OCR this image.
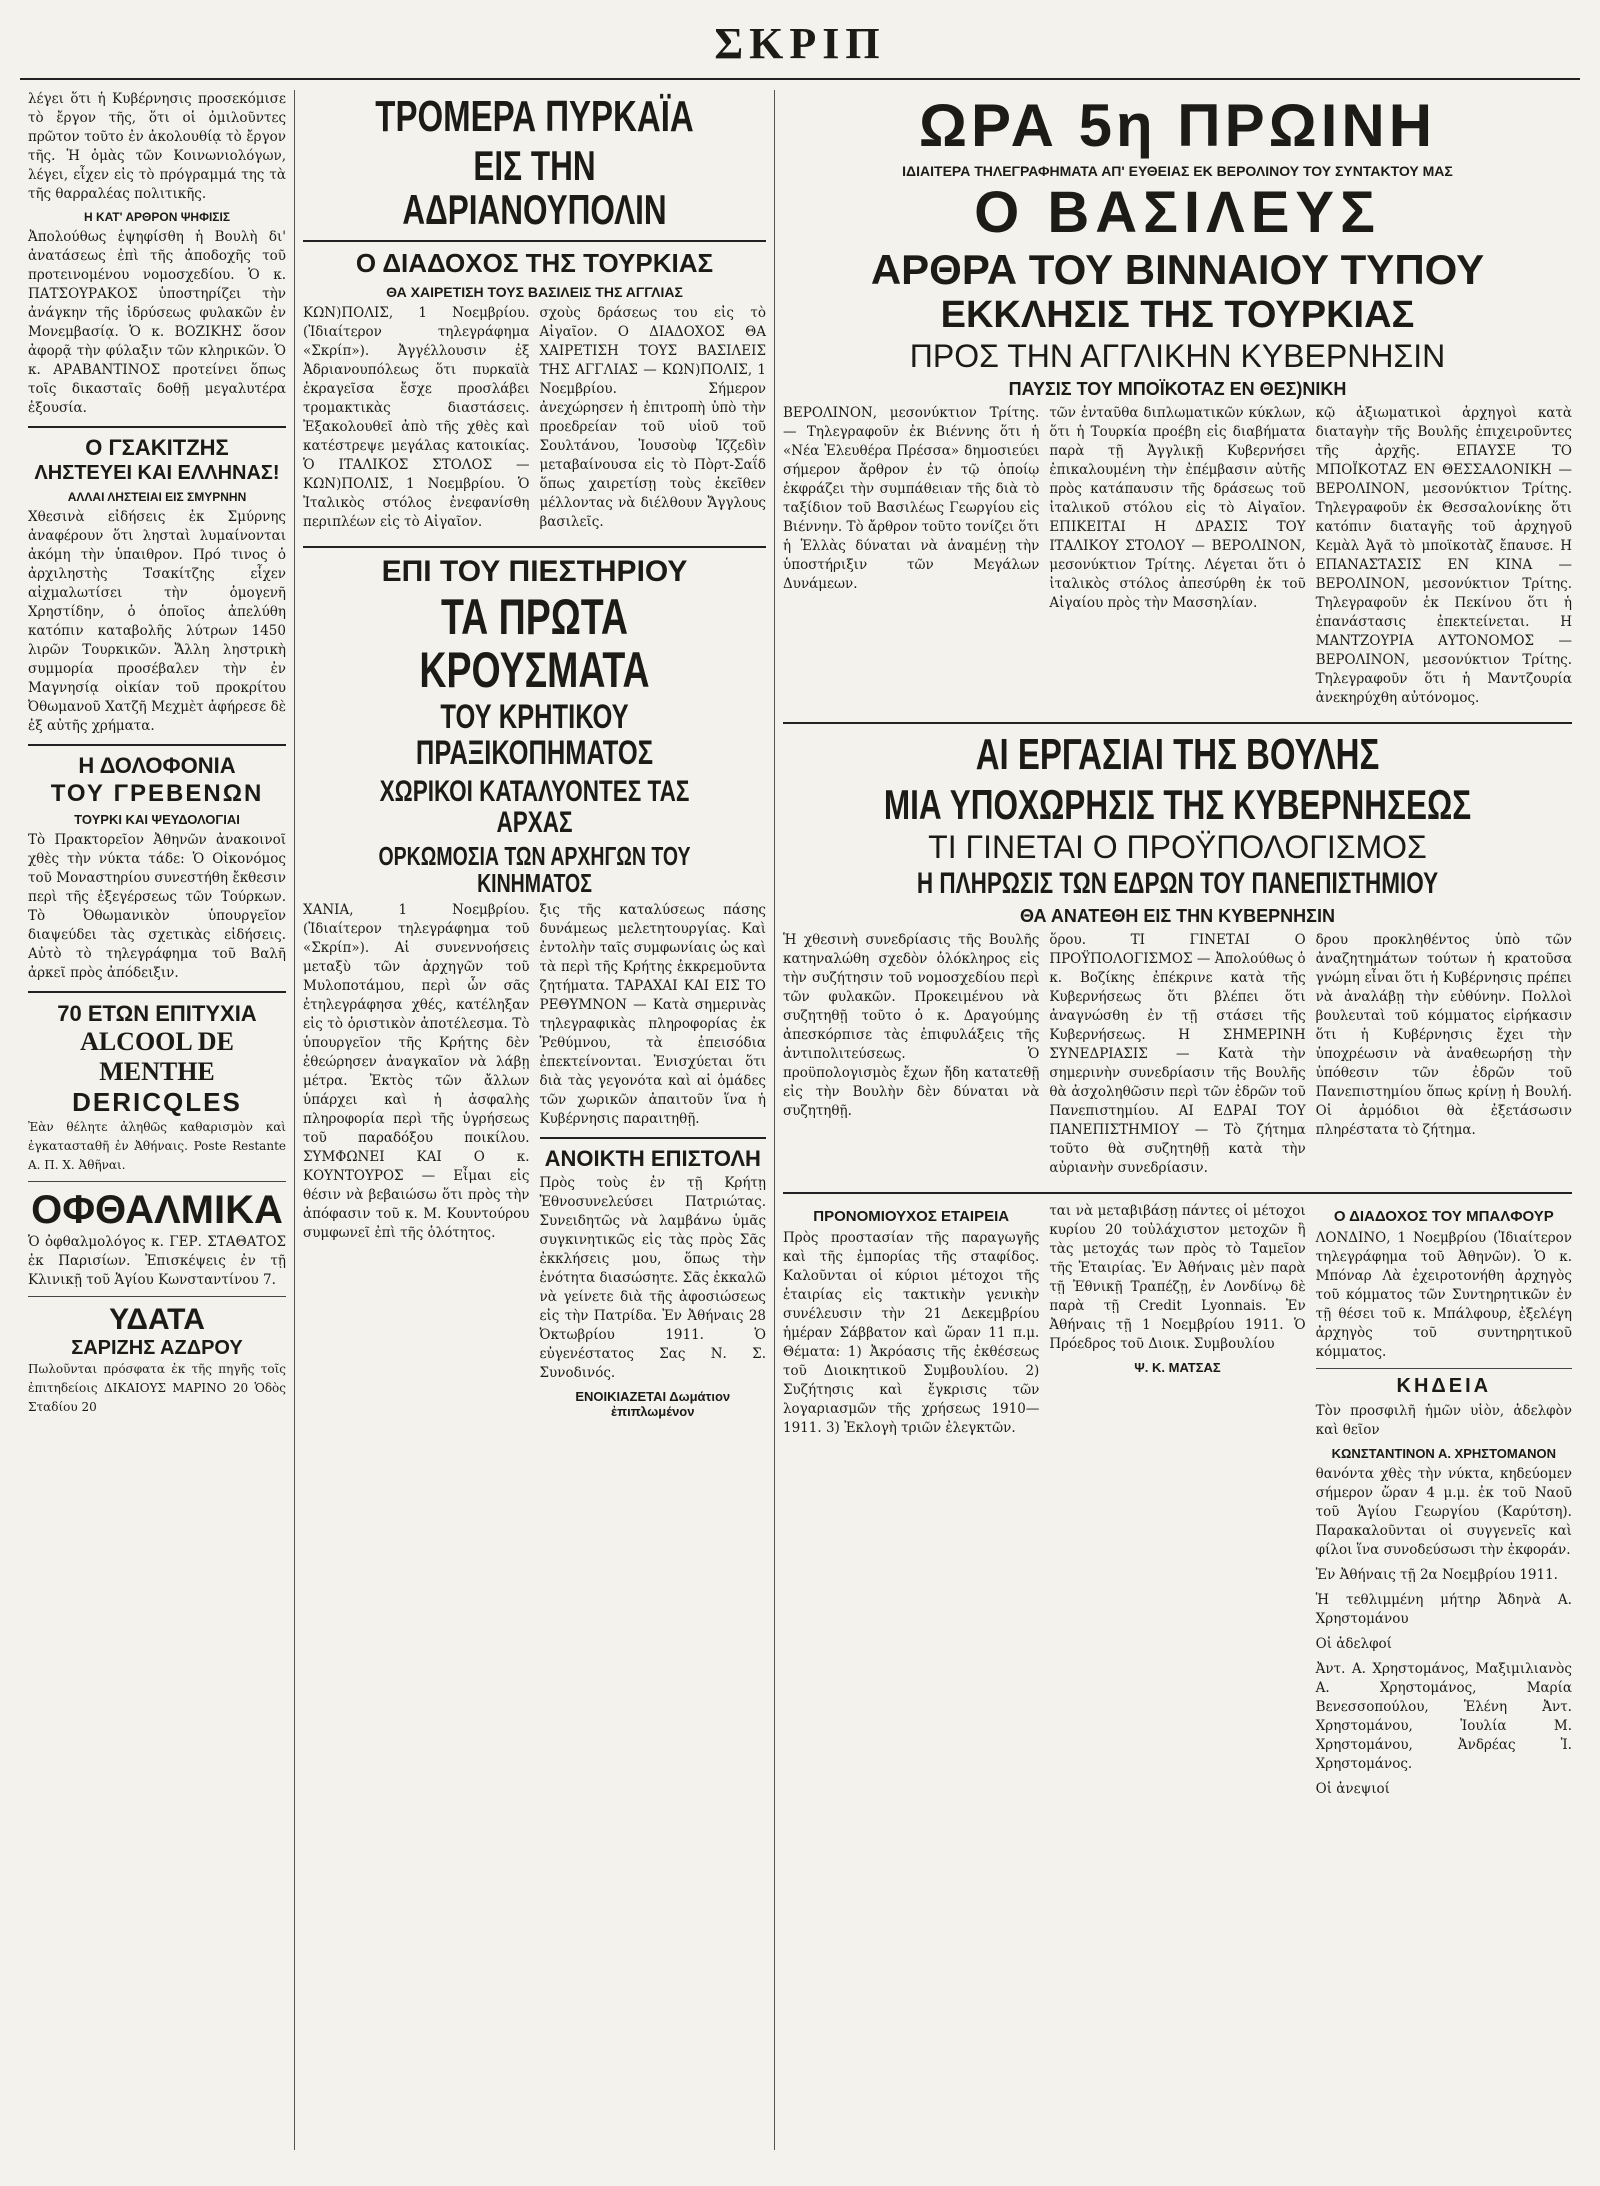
ΣΚΡΙΠ

λέγει ὅτι ἡ Κυβέρνησις προσεκόμισε τὸ ἔργον τῆς, ὅτι οἱ ὁμιλοῦντες πρῶτον τοῦτο ἐν ἀκολουθίᾳ τὸ ἔργον τῆς. Ἡ ὁμὰς τῶν Κοινωνιολόγων, λέγει, εἶχεν εἰς τὸ πρόγραμμά της τὰ τῆς θαρραλέας πολιτικῆς.

Η ΚΑΤ' ΑΡΘΡΟΝ ΨΗΦΙΣΙΣ

Ἀπολούθως ἐψηφίσθη ἡ Βουλὴ δι' ἀνατάσεως ἐπὶ τῆς ἀποδοχῆς τοῦ προτεινομένου νομοσχεδίου. Ὁ κ. ΠΑΤΣΟΥΡΑΚΟΣ ὑποστηρίζει τὴν ἀνάγκην τῆς ἱδρύσεως φυλακῶν ἐν Μονεμβασίᾳ. Ὁ κ. ΒΟΖΙΚΗΣ ὅσον ἀφορᾷ τὴν φύλαξιν τῶν κληρικῶν. Ὁ κ. ΑΡΑΒΑΝΤΙΝΟΣ προτείνει ὅπως τοῖς δικασταῖς δοθῇ μεγαλυτέρα ἐξουσία.

Ο ΓΣΑΚΙΤΖΗΣ
ΛΗΣΤΕΥΕΙ ΚΑΙ ΕΛΛΗΝΑΣ!
ΑΛΛΑΙ ΛΗΣΤΕΙΑΙ ΕΙΣ ΣΜΥΡΝΗΝ

Χθεσινὰ εἰδήσεις ἐκ Σμύρνης ἀναφέρουν ὅτι λησταὶ λυμαίνονται ἀκόμη τὴν ὑπαιθρον. Πρό τινος ὁ ἀρχιληστὴς Τσακίτζης εἶχεν αἰχμαλωτίσει τὴν ὁμογενῆ Χρηστίδην, ὁ ὁποῖος ἀπελύθη κατόπιν καταβολῆς λύτρων 1450 λιρῶν Τουρκικῶν. Ἄλλη ληστρικὴ συμμορία προσέβαλεν τὴν ἐν Μαγνησίᾳ οἰκίαν τοῦ προκρίτου Ὀθωμανοῦ Χατζῆ Μεχμὲτ ἀφήρεσε δὲ ἐξ αὐτῆς χρήματα.

Η ΔΟΛΟΦΟΝΙΑ
ΤΟΥ ΓΡΕΒΕΝΩΝ
ΤΟΥΡΚΙ ΚΑΙ ΨΕΥΔΟΛΟΓΙΑΙ

Τὸ Πρακτορεῖον Ἀθηνῶν ἀνακοινοῖ χθὲς τὴν νύκτα τάδε: Ὁ Οἰκονόμος τοῦ Μοναστηρίου συνεστήθη ἔκθεσιν περὶ τῆς ἐξεγέρσεως τῶν Τούρκων. Τὸ Ὀθωμανικὸν ὑπουργεῖον διαψεύδει τὰς σχετικὰς εἰδήσεις. Αὐτὸ τὸ τηλεγράφημα τοῦ Βαλῆ ἀρκεῖ πρὸς ἀπόδειξιν.

70 ΕΤΩΝ ΕΠΙΤΥΧΙΑ
ALCOOL DE MENTHE
DERICQLES

Ἐὰν θέλητε ἀληθῶς καθαρισμὸν καὶ ἐγκατασταθῆ ἐν Ἀθήναις. Poste Restante A. Π. Χ. Ἀθῆναι.

ΟΦΘΑΛΜΙΚΑ

Ὁ ὀφθαλμολόγος κ. ΓΕΡ. ΣΤΑΘΑΤΟΣ ἐκ Παρισίων. Ἐπισκέψεις ἐν τῇ Κλινικῇ τοῦ Ἁγίου Κωνσταντίνου 7.

ΥΔΑΤΑ
ΣΑΡΙΖΗΣ ΑΖΔΡΟΥ

Πωλοῦνται πρόσφατα ἐκ τῆς πηγῆς τοῖς ἐπιτηδείοις ΔΙΚΑΙΟΥΣ ΜΑΡΙΝΟ 20 Ὁδὸς Σταδίου 20

ΤΡΟΜΕΡΑ ΠΥΡΚΑΪΑ
ΕΙΣ ΤΗΝ ΑΔΡΙΑΝΟΥΠΟΛΙΝ
Ο ΔΙΑΔΟΧΟΣ ΤΗΣ ΤΟΥΡΚΙΑΣ
ΘΑ ΧΑΙΡΕΤΙΣΗ ΤΟΥΣ ΒΑΣΙΛΕΙΣ ΤΗΣ ΑΓΓΛΙΑΣ

ΚΩΝ)ΠΟΛΙΣ, 1 Νοεμβρίου. (Ἰδιαίτερον τηλεγράφημα «Σκρίπ»). Ἀγγέλλουσιν ἐξ Ἀδριανουπόλεως ὅτι πυρκαϊὰ ἐκραγεῖσα ἔσχε προσλάβει τρομακτικὰς διαστάσεις. Ἐξακολουθεῖ ἀπὸ τῆς χθὲς καὶ κατέστρεψε μεγάλας κατοικίας. Ὁ ΙΤΑΛΙΚΟΣ ΣΤΟΛΟΣ — ΚΩΝ)ΠΟΛΙΣ, 1 Νοεμβρίου. Ὁ Ἰταλικὸς στόλος ἐνεφανίσθη περιπλέων εἰς τὸ Αἰγαῖον.

σχοὺς δράσεως του εἰς τὸ Αἰγαῖον. Ο ΔΙΑΔΟΧΟΣ ΘΑ ΧΑΙΡΕΤΙΣΗ ΤΟΥΣ ΒΑΣΙΛΕΙΣ ΤΗΣ ΑΓΓΛΙΑΣ — ΚΩΝ)ΠΟΛΙΣ, 1 Νοεμβρίου. Σήμερον ἀνεχώρησεν ἡ ἐπιτροπὴ ὑπὸ τὴν προεδρείαν τοῦ υἱοῦ τοῦ Σουλτάνου, Ἰουσοὺφ Ἰζζεδὶν μεταβαίνουσα εἰς τὸ Πὸρτ-Σαΐδ ὅπως χαιρετίσῃ τοὺς ἐκεῖθεν μέλλοντας νὰ διέλθουν Ἄγγλους βασιλεῖς.

ΕΠΙ ΤΟΥ ΠΙΕΣΤΗΡΙΟΥ
ΤΑ ΠΡΩΤΑ ΚΡΟΥΣΜΑΤΑ
ΤΟΥ ΚΡΗΤΙΚΟΥ ΠΡΑΞΙΚΟΠΗΜΑΤΟΣ
ΧΩΡΙΚΟΙ ΚΑΤΑΛΥΟΝΤΕΣ ΤΑΣ ΑΡΧΑΣ
ΟΡΚΩΜΟΣΙΑ ΤΩΝ ΑΡΧΗΓΩΝ ΤΟΥ ΚΙΝΗΜΑΤΟΣ

ΧΑΝΙΑ, 1 Νοεμβρίου. (Ἰδιαίτερον τηλεγράφημα τοῦ «Σκρίπ»). Αἱ συνεννοήσεις μεταξὺ τῶν ἀρχηγῶν τοῦ Μυλοποτάμου, περὶ ὧν σᾶς ἐτηλεγράφησα χθές, κατέληξαν εἰς τὸ ὁριστικὸν ἀποτέλεσμα. Τὸ ὑπουργεῖον τῆς Κρήτης δὲν ἐθεώρησεν ἀναγκαῖον νὰ λάβῃ μέτρα. Ἐκτὸς τῶν ἄλλων ὑπάρχει καὶ ἡ ἀσφαλὴς πληροφορία περὶ τῆς ὑγρήσεως τοῦ παραδόξου ποικίλου. ΣΥΜΦΩΝΕΙ ΚΑΙ Ο κ. ΚΟΥΝΤΟΥΡΟΣ — Εἶμαι εἰς θέσιν νὰ βεβαιώσω ὅτι πρὸς τὴν ἀπόφασιν τοῦ κ. Μ. Κουντούρου συμφωνεῖ ἐπὶ τῆς ὁλότητος.

ξις τῆς καταλύσεως πάσης δυνάμεως μελετητουργίας. Καὶ ἐντολὴν ταῖς συμφωνίαις ὡς καὶ τὰ περὶ τῆς Κρήτης ἐκκρεμοῦντα ζητήματα. ΤΑΡΑΧΑΙ ΚΑΙ ΕΙΣ ΤΟ ΡΕΘΥΜΝΟΝ — Κατὰ σημερινὰς τηλεγραφικὰς πληροφορίας ἐκ Ῥεθύμνου, τὰ ἐπεισόδια ἐπεκτείνονται. Ἐνισχύεται ὅτι διὰ τὰς γεγονότα καὶ αἱ ὁμάδες τῶν χωρικῶν ἀπαιτοῦν ἵνα ἡ Κυβέρνησις παραιτηθῇ.

ΑΝΟΙΚΤΗ ΕΠΙΣΤΟΛΗ

Πρὸς τοὺς ἐν τῇ Κρήτῃ Ἐθνοσυνελεύσει Πατριώτας. Συνειδητῶς νὰ λαμβάνω ὑμᾶς συγκινητικῶς εἰς τὰς πρὸς Σᾶς ἐκκλήσεις μου, ὅπως τὴν ἑνότητα διασώσητε. Σᾶς ἐκκαλῶ νὰ γείνετε διὰ τῆς ἀφοσιώσεως εἰς τὴν Πατρίδα. Ἐν Ἀθήναις 28 Ὀκτωβρίου 1911. Ὁ εὐγενέστατος Σας Ν. Σ. Συνοδινός.

ΕΝΟΙΚΙΑΖΕΤΑΙ Δωμάτιον ἐπιπλωμένον
ΩΡΑ 5η ΠΡΩΙΝΗ
ΙΔΙΑΙΤΕΡΑ ΤΗΛΕΓΡΑΦΗΜΑΤΑ ΑΠ' ΕΥΘΕΙΑΣ ΕΚ ΒΕΡΟΛΙΝΟΥ ΤΟΥ ΣΥΝΤΑΚΤΟΥ ΜΑΣ
Ο ΒΑΣΙΛΕΥΣ
ΑΡΘΡΑ ΤΟΥ ΒΙΝΝΑΙΟΥ ΤΥΠΟΥ
ΕΚΚΛΗΣΙΣ ΤΗΣ ΤΟΥΡΚΙΑΣ
ΠΡΟΣ ΤΗΝ ΑΓΓΛΙΚΗΝ ΚΥΒΕΡΝΗΣΙΝ
ΠΑΥΣΙΣ ΤΟΥ ΜΠΟΪΚΟΤΑΖ ΕΝ ΘΕΣ)ΝΙΚΗ

ΒΕΡΟΛΙΝΟΝ, μεσονύκτιον Τρίτης. — Τηλεγραφοῦν ἐκ Βιέννης ὅτι ἡ «Νέα Ἐλευθέρα Πρέσσα» δημοσιεύει σήμερον ἄρθρον ἐν τῷ ὁποίῳ ἐκφράζει τὴν συμπάθειαν τῆς διὰ τὸ ταξίδιον τοῦ Βασιλέως Γεωργίου εἰς Βιέννην. Τὸ ἄρθρον τοῦτο τονίζει ὅτι ἡ Ἑλλὰς δύναται νὰ ἀναμένῃ τὴν ὑποστήριξιν τῶν Μεγάλων Δυνάμεων.

τῶν ἐνταῦθα διπλωματικῶν κύκλων, ὅτι ἡ Τουρκία προέβη εἰς διαβήματα παρὰ τῇ Ἀγγλικῇ Κυβερνήσει ἐπικαλουμένη τὴν ἐπέμβασιν αὐτῆς πρὸς κατάπαυσιν τῆς δράσεως τοῦ ἰταλικοῦ στόλου εἰς τὸ Αἰγαῖον. ΕΠΙΚΕΙΤΑΙ Η ΔΡΑΣΙΣ ΤΟΥ ΙΤΑΛΙΚΟΥ ΣΤΟΛΟΥ — ΒΕΡΟΛΙΝΟΝ, μεσονύκτιον Τρίτης. Λέγεται ὅτι ὁ ἰταλικὸς στόλος ἀπεσύρθη ἐκ τοῦ Αἰγαίου πρὸς τὴν Μασσηλίαν.

κῷ ἀξιωματικοὶ ἀρχηγοὶ κατὰ διαταγὴν τῆς Βουλῆς ἐπιχειροῦντες τῆς ἀρχῆς. ΕΠΑΥΣΕ ΤΟ ΜΠΟΪΚΟΤΑΖ ΕΝ ΘΕΣΣΑΛΟΝΙΚΗ — ΒΕΡΟΛΙΝΟΝ, μεσονύκτιον Τρίτης. Τηλεγραφοῦν ἐκ Θεσσαλονίκης ὅτι κατόπιν διαταγῆς τοῦ ἀρχηγοῦ Κεμὰλ Ἀγᾶ τὸ μποϊκοτὰζ ἔπαυσε. Η ΕΠΑΝΑΣΤΑΣΙΣ ΕΝ ΚΙΝΑ — ΒΕΡΟΛΙΝΟΝ, μεσονύκτιον Τρίτης. Τηλεγραφοῦν ἐκ Πεκίνου ὅτι ἡ ἐπανάστασις ἐπεκτείνεται. Η ΜΑΝΤΖΟΥΡΙΑ ΑΥΤΟΝΟΜΟΣ — ΒΕΡΟΛΙΝΟΝ, μεσονύκτιον Τρίτης. Τηλεγραφοῦν ὅτι ἡ Μαντζουρία ἀνεκηρύχθη αὐτόνομος.

ΑΙ ΕΡΓΑΣΙΑΙ ΤΗΣ ΒΟΥΛΗΣ
ΜΙΑ ΥΠΟΧΩΡΗΣΙΣ ΤΗΣ ΚΥΒΕΡΝΗΣΕΩΣ
ΤΙ ΓΙΝΕΤΑΙ Ο ΠΡΟΫΠΟΛΟΓΙΣΜΟΣ
Η ΠΛΗΡΩΣΙΣ ΤΩΝ ΕΔΡΩΝ ΤΟΥ ΠΑΝΕΠΙΣΤΗΜΙΟΥ
ΘΑ ΑΝΑΤΕΘΗ ΕΙΣ ΤΗΝ ΚΥΒΕΡΝΗΣΙΝ

Ἡ χθεσινὴ συνεδρίασις τῆς Βουλῆς κατηναλώθη σχεδὸν ὁλόκληρος εἰς τὴν συζήτησιν τοῦ νομοσχεδίου περὶ τῶν φυλακῶν. Προκειμένου νὰ συζητηθῇ τοῦτο ὁ κ. Δραγούμης ἀπεσκόρπισε τὰς ἐπιφυλάξεις τῆς ἀντιπολιτεύσεως. Ὁ προϋπολογισμὸς ἔχων ἤδη κατατεθῇ εἰς τὴν Βουλὴν δὲν δύναται νὰ συζητηθῇ.

ὅρου. ΤΙ ΓΙΝΕΤΑΙ Ο ΠΡΟΫΠΟΛΟΓΙΣΜΟΣ — Ἀπολούθως ὁ κ. Βοζίκης ἐπέκρινε κατὰ τῆς Κυβερνήσεως ὅτι βλέπει ὅτι ἀναγνώσθη ἐν τῇ στάσει τῆς Κυβερνήσεως. Η ΣΗΜΕΡΙΝΗ ΣΥΝΕΔΡΙΑΣΙΣ — Κατὰ τὴν σημερινὴν συνεδρίασιν τῆς Βουλῆς θὰ ἀσχοληθῶσιν περὶ τῶν ἐδρῶν τοῦ Πανεπιστημίου. ΑΙ ΕΔΡΑΙ ΤΟΥ ΠΑΝΕΠΙΣΤΗΜΙΟΥ — Τὸ ζήτημα τοῦτο θὰ συζητηθῇ κατὰ τὴν αὐριανὴν συνεδρίασιν.

δρου προκληθέντος ὑπὸ τῶν ἀναζητημάτων τούτων ἡ κρατοῦσα γνώμη εἶναι ὅτι ἡ Κυβέρνησις πρέπει νὰ ἀναλάβῃ τὴν εὐθύνην. Πολλοὶ βουλευταὶ τοῦ κόμματος εἰρήκασιν ὅτι ἡ Κυβέρνησις ἔχει τὴν ὑποχρέωσιν νὰ ἀναθεωρήσῃ τὴν ὑπόθεσιν τῶν ἐδρῶν τοῦ Πανεπιστημίου ὅπως κρίνῃ ἡ Βουλή. Οἱ ἀρμόδιοι θὰ ἐξετάσωσιν πληρέστατα τὸ ζήτημα.

ΠΡΟΝΟΜΙΟΥΧΟΣ ΕΤΑΙΡΕΙΑ

Πρὸς προστασίαν τῆς παραγωγῆς καὶ τῆς ἐμπορίας τῆς σταφίδος. Καλοῦνται οἱ κύριοι μέτοχοι τῆς ἑταιρίας εἰς τακτικὴν γενικὴν συνέλευσιν τὴν 21 Δεκεμβρίου ἡμέραν Σάββατον καὶ ὥραν 11 π.μ. Θέματα: 1) Ἀκρόασις τῆς ἐκθέσεως τοῦ Διοικητικοῦ Συμβουλίου. 2) Συζήτησις καὶ ἔγκρισις τῶν λογαριασμῶν τῆς χρήσεως 1910—1911. 3) Ἐκλογὴ τριῶν ἐλεγκτῶν.

ται νὰ μεταβιβάσῃ πάντες οἱ μέτοχοι κυρίου 20 τοὐλάχιστον μετοχῶν ἢ τὰς μετοχάς των πρὸς τὸ Ταμεῖον τῆς Ἑταιρίας. Ἐν Ἀθήναις μὲν παρὰ τῇ Ἐθνικῇ Τραπέζῃ, ἐν Λονδίνῳ δὲ παρὰ τῇ Credit Lyonnais. Ἐν Ἀθήναις τῇ 1 Νοεμβρίου 1911. Ὁ Πρόεδρος τοῦ Διοικ. Συμβουλίου

Ψ. Κ. ΜΑΤΣΑΣ
Ο ΔΙΑΔΟΧΟΣ ΤΟΥ ΜΠΑΛΦΟΥΡ

ΛΟΝΔΙΝΟ, 1 Νοεμβρίου (Ἰδιαίτερον τηλεγράφημα τοῦ Ἀθηνῶν). Ὁ κ. Μπόναρ Λὰ ἐχειροτονήθη ἀρχηγὸς τοῦ κόμματος τῶν Συντηρητικῶν ἐν τῇ θέσει τοῦ κ. Μπάλφουρ, ἐξελέγη ἀρχηγὸς τοῦ συντηρητικοῦ κόμματος.

ΚΗΔΕΙΑ

Τὸν προσφιλῆ ἡμῶν υἱὸν, ἀδελφὸν καὶ θεῖον

ΚΩΝΣΤΑΝΤΙΝΟΝ Α. ΧΡΗΣΤΟΜΑΝΟΝ

θανόντα χθὲς τὴν νύκτα, κηδεύομεν σήμερον ὥραν 4 μ.μ. ἐκ τοῦ Ναοῦ τοῦ Ἁγίου Γεωργίου (Καρύτση). Παρακαλοῦνται οἱ συγγενεῖς καὶ φίλοι ἵνα συνοδεύσωσι τὴν ἐκφοράν.

Ἐν Ἀθήναις τῇ 2α Νοεμβρίου 1911.

Ἡ τεθλιμμένη μήτηρ Ἀδηνὰ Α. Χρηστομάνου

Οἱ ἀδελφοί

Ἀντ. Α. Χρηστομάνος, Μαξιμιλιανὸς Α. Χρηστομάνος, Μαρία Βενεσσοπούλου, Ἑλένη Ἀντ. Χρηστομάνου, Ἰουλία Μ. Χρηστομάνου, Ἀνδρέας Ἰ. Χρηστομάνος.

Οἱ ἀνεψιοί
